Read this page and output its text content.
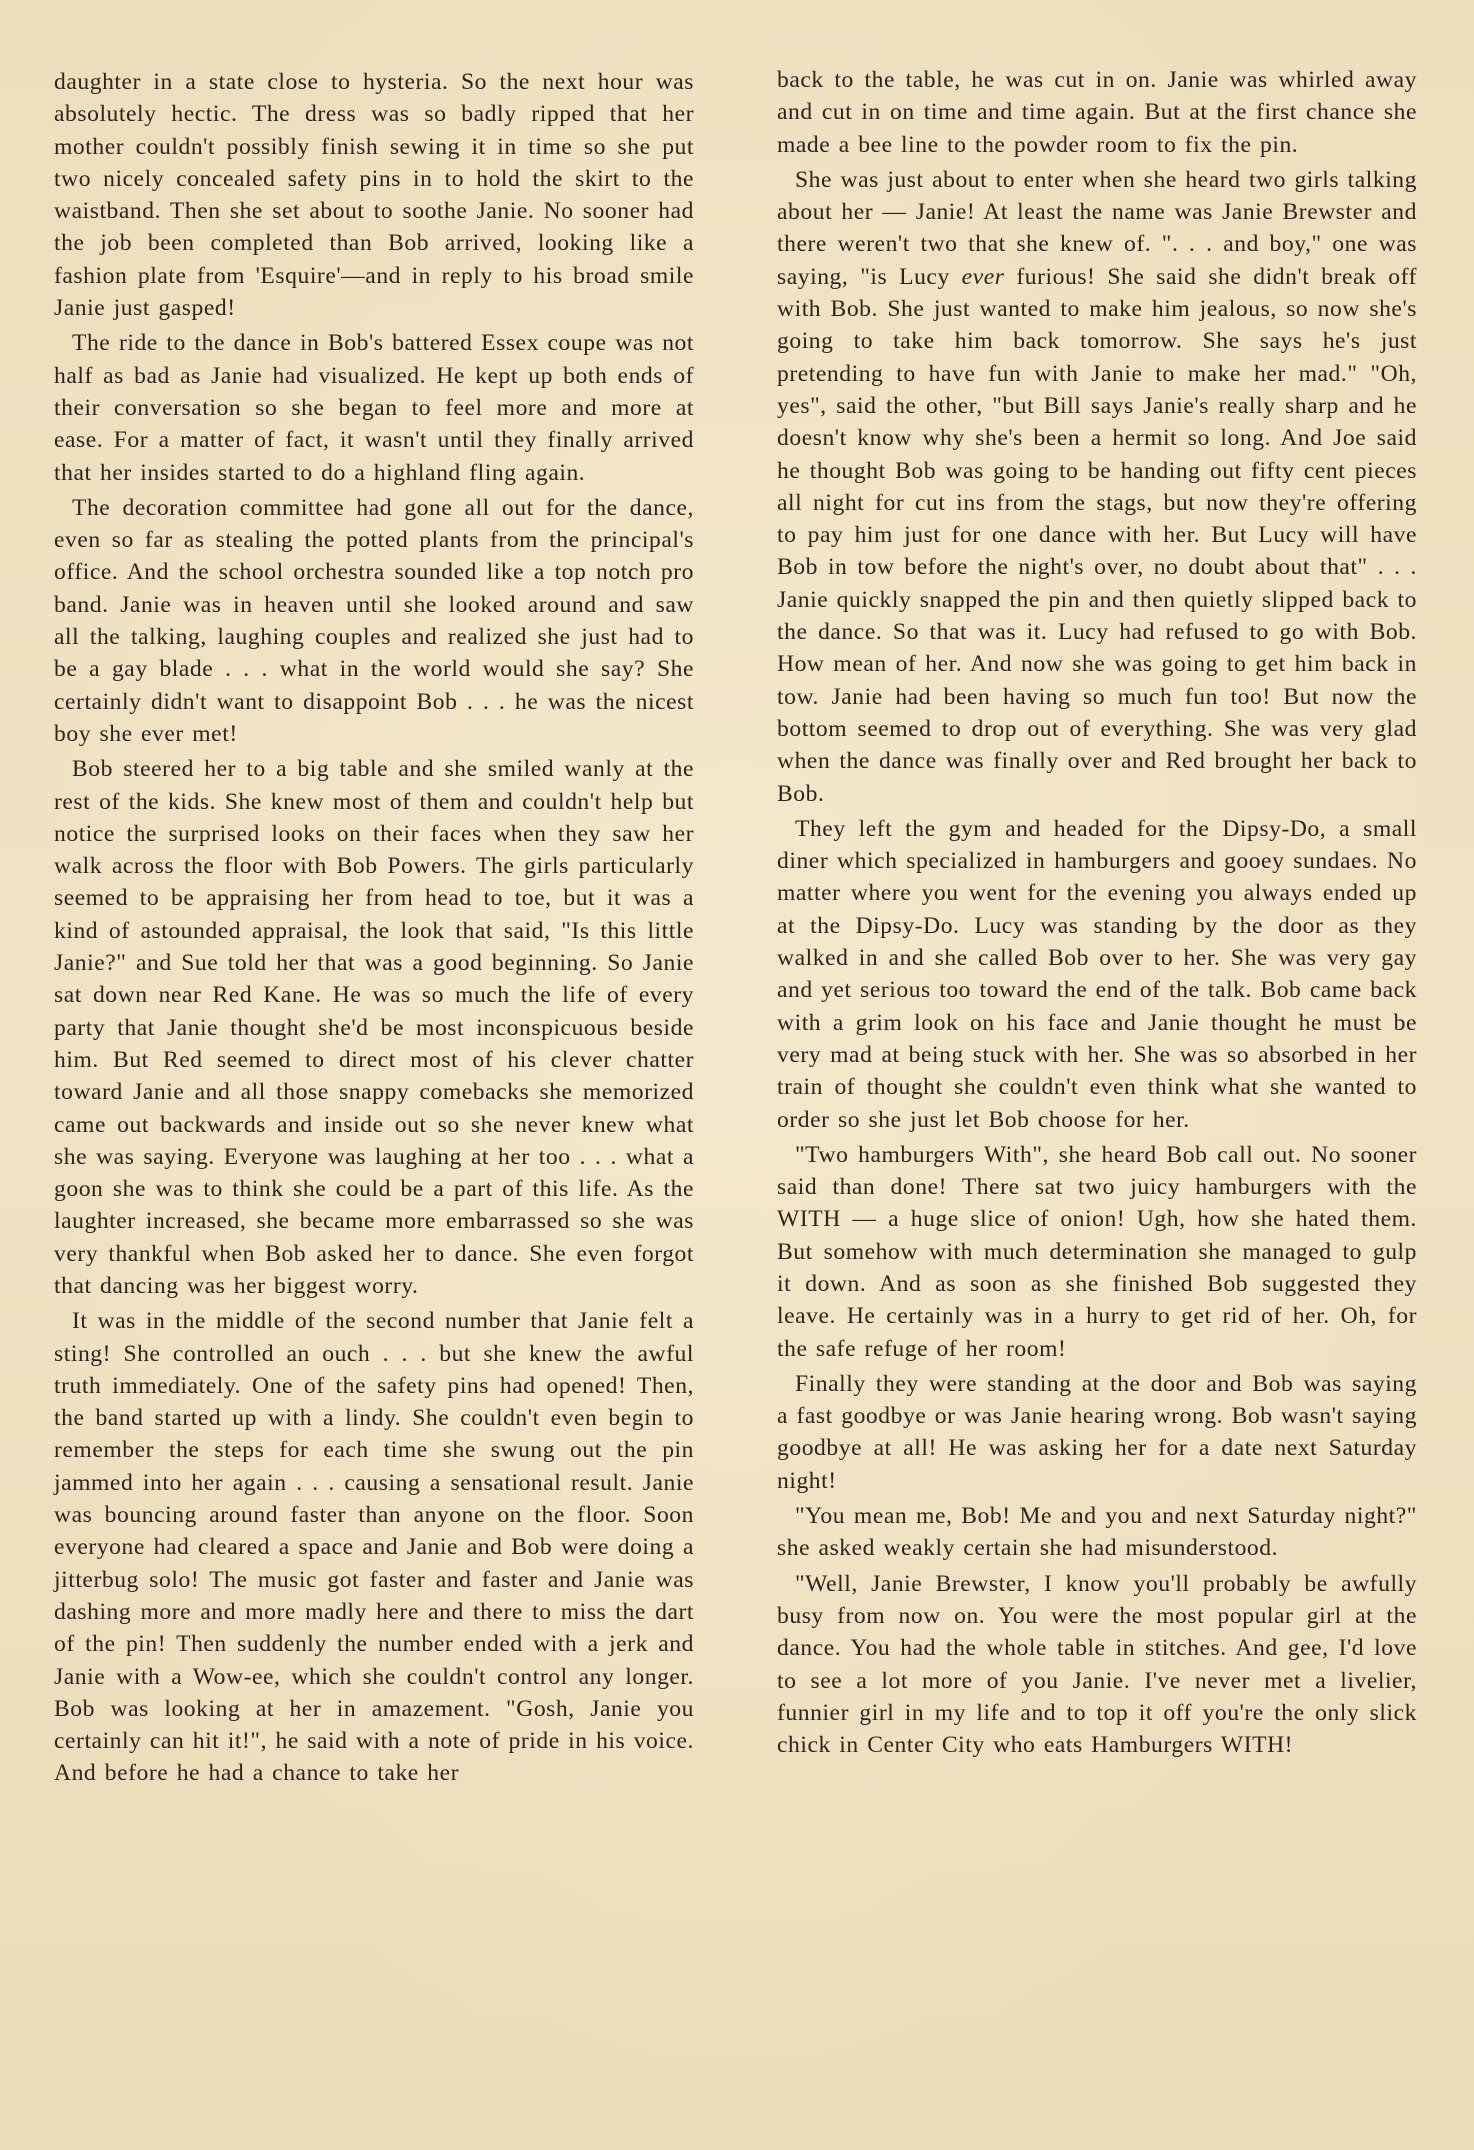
daughter in a state close to hysteria. So the next hour was absolutely hectic. The dress was so badly ripped that her mother couldn't possibly finish sewing it in time so she put two nicely concealed safety pins in to hold the skirt to the waistband. Then she set about to soothe Janie. No sooner had the job been completed than Bob arrived, looking like a fashion plate from 'Esquire'—and in reply to his broad smile Janie just gasped!

The ride to the dance in Bob's battered Essex coupe was not half as bad as Janie had visualized. He kept up both ends of their conversation so she began to feel more and more at ease. For a matter of fact, it wasn't until they finally arrived that her insides started to do a highland fling again.

The decoration committee had gone all out for the dance, even so far as stealing the potted plants from the principal's office. And the school orchestra sounded like a top notch pro band. Janie was in heaven until she looked around and saw all the talking, laughing couples and realized she just had to be a gay blade . . . what in the world would she say? She certainly didn't want to disappoint Bob . . . he was the nicest boy she ever met!

Bob steered her to a big table and she smiled wanly at the rest of the kids. She knew most of them and couldn't help but notice the surprised looks on their faces when they saw her walk across the floor with Bob Powers. The girls particularly seemed to be appraising her from head to toe, but it was a kind of astounded appraisal, the look that said, "Is this little Janie?" and Sue told her that was a good beginning. So Janie sat down near Red Kane. He was so much the life of every party that Janie thought she'd be most inconspicuous beside him. But Red seemed to direct most of his clever chatter toward Janie and all those snappy comebacks she memorized came out backwards and inside out so she never knew what she was saying. Everyone was laughing at her too . . . what a goon she was to think she could be a part of this life. As the laughter increased, she became more embarrassed so she was very thankful when Bob asked her to dance. She even forgot that dancing was her biggest worry.

It was in the middle of the second number that Janie felt a sting! She controlled an ouch . . . but she knew the awful truth immediately. One of the safety pins had opened! Then, the band started up with a lindy. She couldn't even begin to remember the steps for each time she swung out the pin jammed into her again . . . causing a sensational result. Janie was bouncing around faster than anyone on the floor. Soon everyone had cleared a space and Janie and Bob were doing a jitterbug solo! The music got faster and faster and Janie was dashing more and more madly here and there to miss the dart of the pin! Then suddenly the number ended with a jerk and Janie with a Wow-ee, which she couldn't control any longer. Bob was looking at her in amazement. "Gosh, Janie you certainly can hit it!", he said with a note of pride in his voice. And before he had a chance to take her

back to the table, he was cut in on. Janie was whirled away and cut in on time and time again. But at the first chance she made a bee line to the powder room to fix the pin.

She was just about to enter when she heard two girls talking about her — Janie! At least the name was Janie Brewster and there weren't two that she knew of. ". . . and boy," one was saying, "is Lucy ever furious! She said she didn't break off with Bob. She just wanted to make him jealous, so now she's going to take him back tomorrow. She says he's just pretending to have fun with Janie to make her mad." "Oh, yes", said the other, "but Bill says Janie's really sharp and he doesn't know why she's been a hermit so long. And Joe said he thought Bob was going to be handing out fifty cent pieces all night for cut ins from the stags, but now they're offering to pay him just for one dance with her. But Lucy will have Bob in tow before the night's over, no doubt about that" . . . Janie quickly snapped the pin and then quietly slipped back to the dance. So that was it. Lucy had refused to go with Bob. How mean of her. And now she was going to get him back in tow. Janie had been having so much fun too! But now the bottom seemed to drop out of everything. She was very glad when the dance was finally over and Red brought her back to Bob.

They left the gym and headed for the Dipsy-Do, a small diner which specialized in hamburgers and gooey sundaes. No matter where you went for the evening you always ended up at the Dipsy-Do. Lucy was standing by the door as they walked in and she called Bob over to her. She was very gay and yet serious too toward the end of the talk. Bob came back with a grim look on his face and Janie thought he must be very mad at being stuck with her. She was so absorbed in her train of thought she couldn't even think what she wanted to order so she just let Bob choose for her.

"Two hamburgers With", she heard Bob call out. No sooner said than done! There sat two juicy hamburgers with the WITH — a huge slice of onion! Ugh, how she hated them. But somehow with much determination she managed to gulp it down. And as soon as she finished Bob suggested they leave. He certainly was in a hurry to get rid of her. Oh, for the safe refuge of her room!

Finally they were standing at the door and Bob was saying a fast goodbye or was Janie hearing wrong. Bob wasn't saying goodbye at all! He was asking her for a date next Saturday night!

"You mean me, Bob! Me and you and next Saturday night?" she asked weakly certain she had misunderstood.

"Well, Janie Brewster, I know you'll probably be awfully busy from now on. You were the most popular girl at the dance. You had the whole table in stitches. And gee, I'd love to see a lot more of you Janie. I've never met a livelier, funnier girl in my life and to top it off you're the only slick chick in Center City who eats Hamburgers WITH!
